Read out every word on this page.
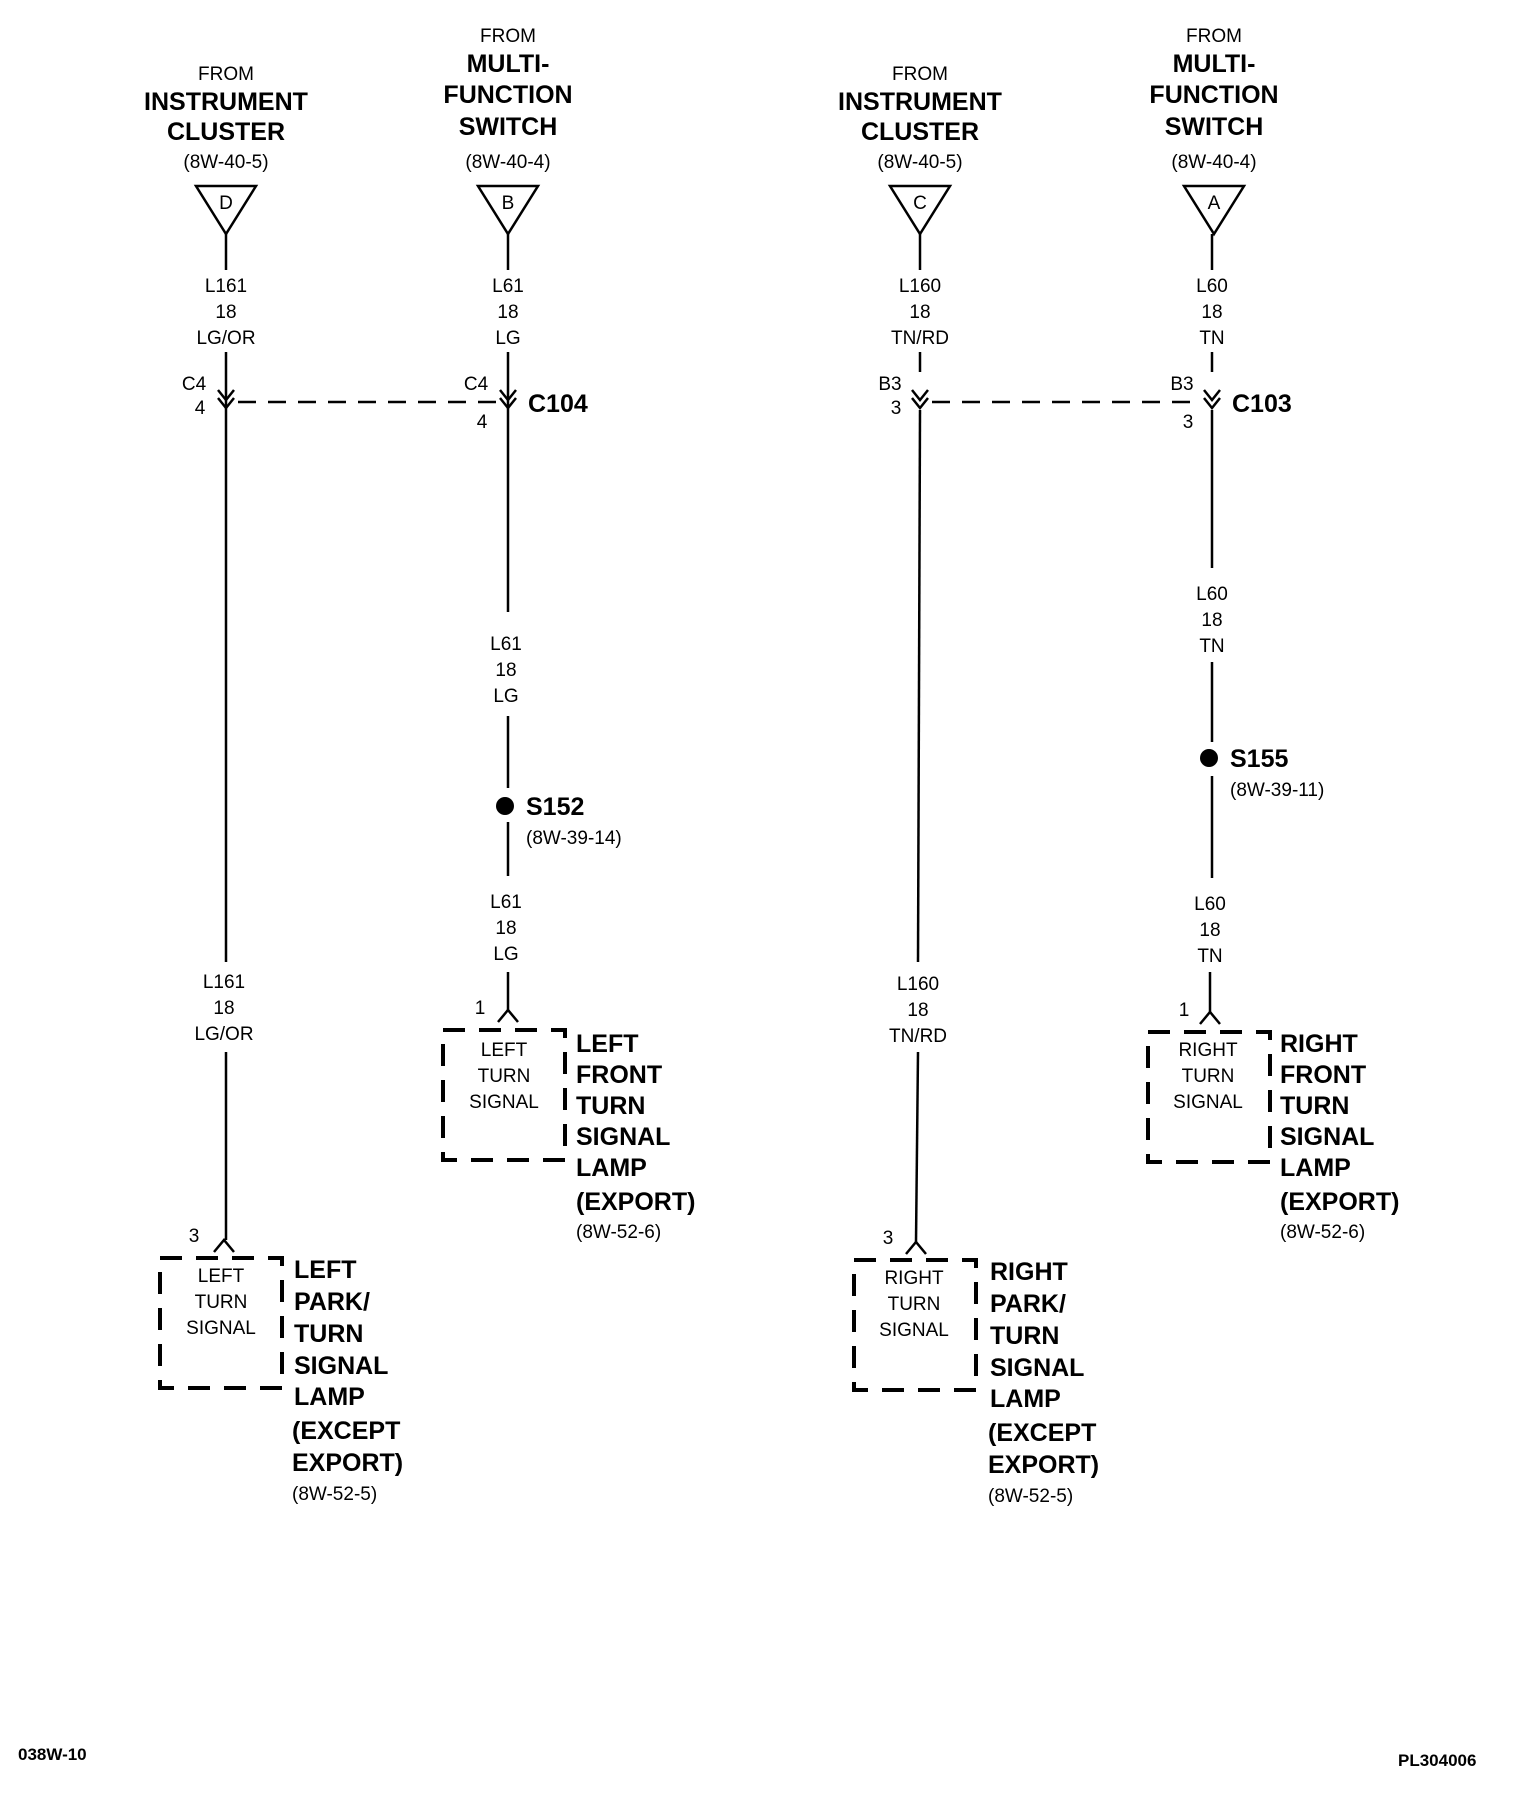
FROM
INSTRUMENT
CLUSTER
(8W-40-5)
D
FROM
MULTI-
FUNCTION
SWITCH
(8W-40-4)
B
L161
18
LG/OR
L61
18
LG
C4
4
C4
4
C104
L61
18
LG
S152
(8W-39-14)
L61
18
LG
1
LEFT
TURN
SIGNAL
LEFT
FRONT
TURN
SIGNAL
LAMP
(EXPORT)
(8W-52-6)
L161
18
LG/OR
3
LEFT
TURN
SIGNAL
LEFT
PARK/
TURN
SIGNAL
LAMP
(EXCEPT
EXPORT)
(8W-52-5)
FROM
INSTRUMENT
CLUSTER
(8W-40-5)
C
FROM
MULTI-
FUNCTION
SWITCH
(8W-40-4)
A
L160
18
TN/RD
L60
18
TN
B3
3
B3
3
C103
L60
18
TN
S155
(8W-39-11)
L60
18
TN
1
RIGHT
TURN
SIGNAL
RIGHT
FRONT
TURN
SIGNAL
LAMP
(EXPORT)
(8W-52-6)
L160
18
TN/RD
3
RIGHT
TURN
SIGNAL
RIGHT
PARK/
TURN
SIGNAL
LAMP
(EXCEPT
EXPORT)
(8W-52-5)
038W-10	PL304006
